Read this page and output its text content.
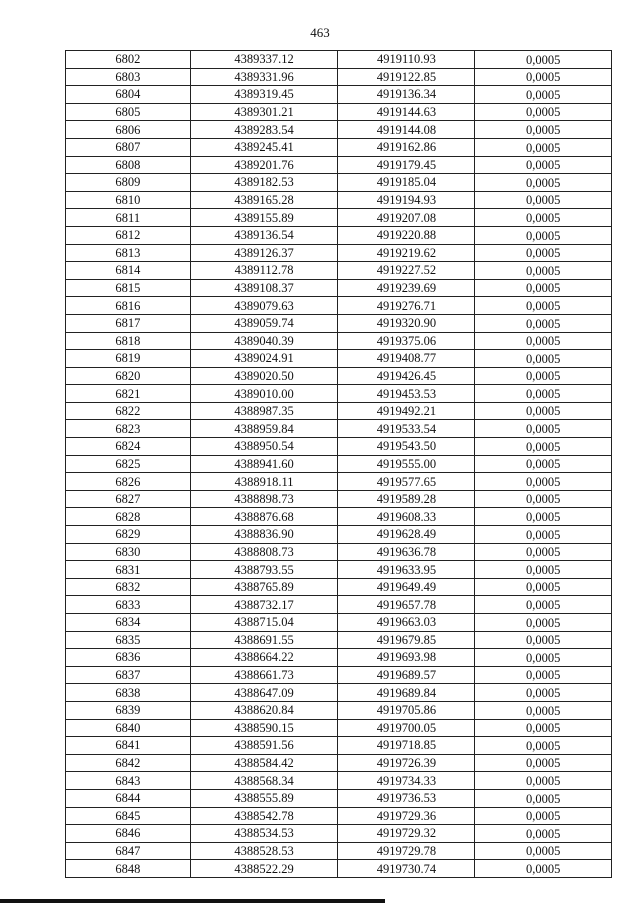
463
6802	4389337.12	4919110.93	0,0005
6803	4389331.96	4919122.85	0,0005
6804	4389319.45	4919136.34	0,0005
6805	4389301.21	4919144.63	0,0005
6806	4389283.54	4919144.08	0,0005
6807	4389245.41	4919162.86	0,0005
6808	4389201.76	4919179.45	0,0005
6809	4389182.53	4919185.04	0,0005
6810	4389165.28	4919194.93	0,0005
6811	4389155.89	4919207.08	0,0005
6812	4389136.54	4919220.88	0,0005
6813	4389126.37	4919219.62	0,0005
6814	4389112.78	4919227.52	0,0005
6815	4389108.37	4919239.69	0,0005
6816	4389079.63	4919276.71	0,0005
6817	4389059.74	4919320.90	0,0005
6818	4389040.39	4919375.06	0,0005
6819	4389024.91	4919408.77	0,0005
6820	4389020.50	4919426.45	0,0005
6821	4389010.00	4919453.53	0,0005
6822	4388987.35	4919492.21	0,0005
6823	4388959.84	4919533.54	0,0005
6824	4388950.54	4919543.50	0,0005
6825	4388941.60	4919555.00	0,0005
6826	4388918.11	4919577.65	0,0005
6827	4388898.73	4919589.28	0,0005
6828	4388876.68	4919608.33	0,0005
6829	4388836.90	4919628.49	0,0005
6830	4388808.73	4919636.78	0,0005
6831	4388793.55	4919633.95	0,0005
6832	4388765.89	4919649.49	0,0005
6833	4388732.17	4919657.78	0,0005
6834	4388715.04	4919663.03	0,0005
6835	4388691.55	4919679.85	0,0005
6836	4388664.22	4919693.98	0,0005
6837	4388661.73	4919689.57	0,0005
6838	4388647.09	4919689.84	0,0005
6839	4388620.84	4919705.86	0,0005
6840	4388590.15	4919700.05	0,0005
6841	4388591.56	4919718.85	0,0005
6842	4388584.42	4919726.39	0,0005
6843	4388568.34	4919734.33	0,0005
6844	4388555.89	4919736.53	0,0005
6845	4388542.78	4919729.36	0,0005
6846	4388534.53	4919729.32	0,0005
6847	4388528.53	4919729.78	0,0005
6848	4388522.29	4919730.74	0,0005
